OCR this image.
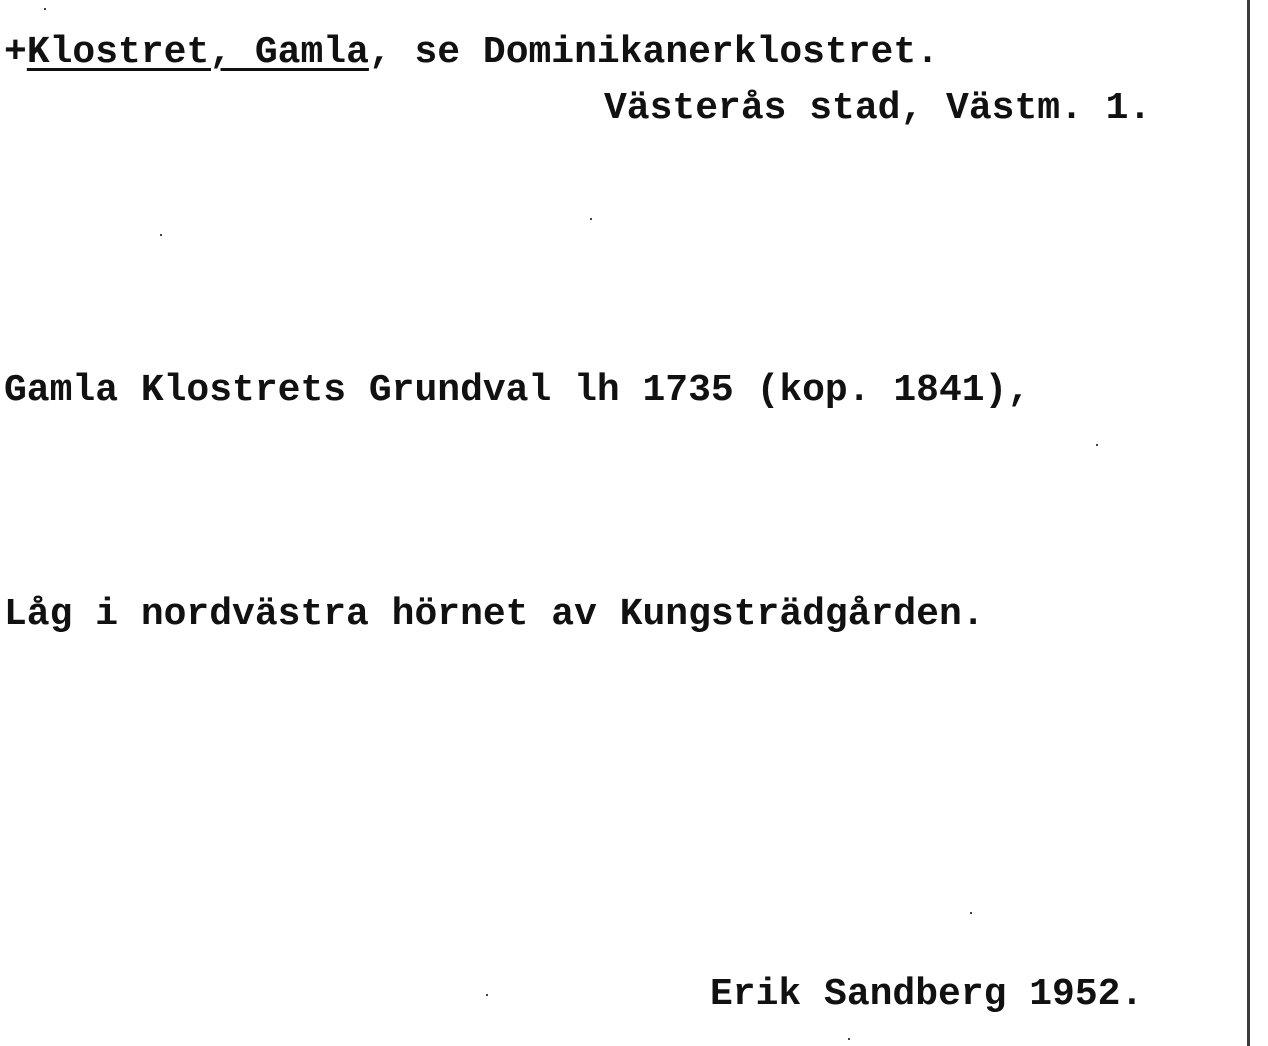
+Klostret, Gamla, se Dominikanerklostret.
Västerås stad, Västm. 1.
Gamla Klostrets Grundval lh 1735 (kop. 1841),
Låg i nordvästra hörnet av Kungsträdgården.
Erik Sandberg 1952.
